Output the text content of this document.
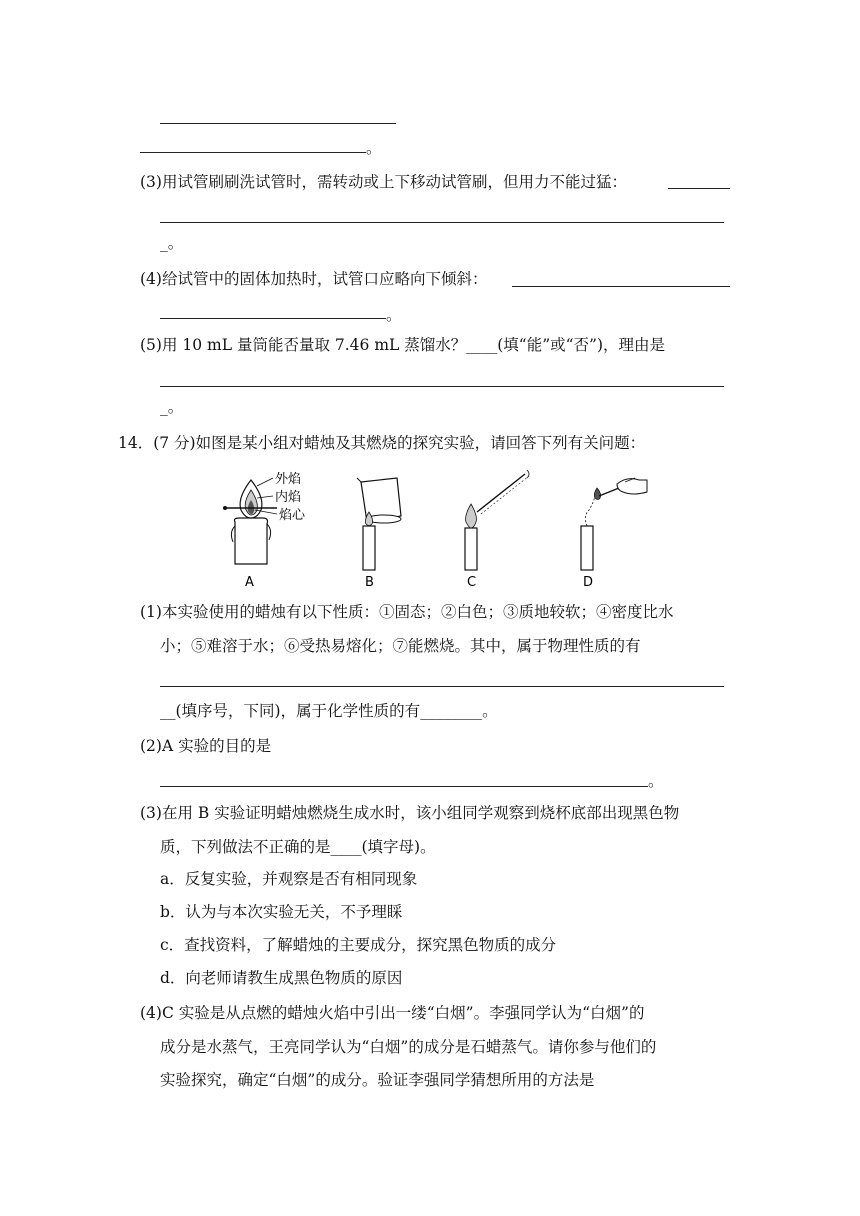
。
(3)用试管刷刷洗试管时，需转动或上下移动试管刷，但用力不能过猛：
_。
(4)给试管中的固体加热时，试管口应略向下倾斜：
。
(5)用 10 mL 量筒能否量取 7.46 mL 蒸馏水？____(填“能”或“否”)，理由是
_。
14．(7 分)如图是某小组对蜡烛及其燃烧的探究实验，请回答下列有关问题：
外焰
内焰
焰心
A	B	C	D
(1)本实验使用的蜡烛有以下性质：①固态；②白色；③质地较软；④密度比水
小；⑤难溶于水；⑥受热易熔化；⑦能燃烧。其中，属于物理性质的有
__(填序号，下同)，属于化学性质的有________。
(2)A 实验的目的是
。
(3)在用 B 实验证明蜡烛燃烧生成水时，该小组同学观察到烧杯底部出现黑色物
质，下列做法不正确的是____(填字母)。
a．反复实验，并观察是否有相同现象
b．认为与本次实验无关，不予理睬
c．查找资料，了解蜡烛的主要成分，探究黑色物质的成分
d．向老师请教生成黑色物质的原因
(4)C 实验是从点燃的蜡烛火焰中引出一缕“白烟”。李强同学认为“白烟”的
成分是水蒸气，王亮同学认为“白烟”的成分是石蜡蒸气。请你参与他们的
实验探究，确定“白烟”的成分。验证李强同学猜想所用的方法是
